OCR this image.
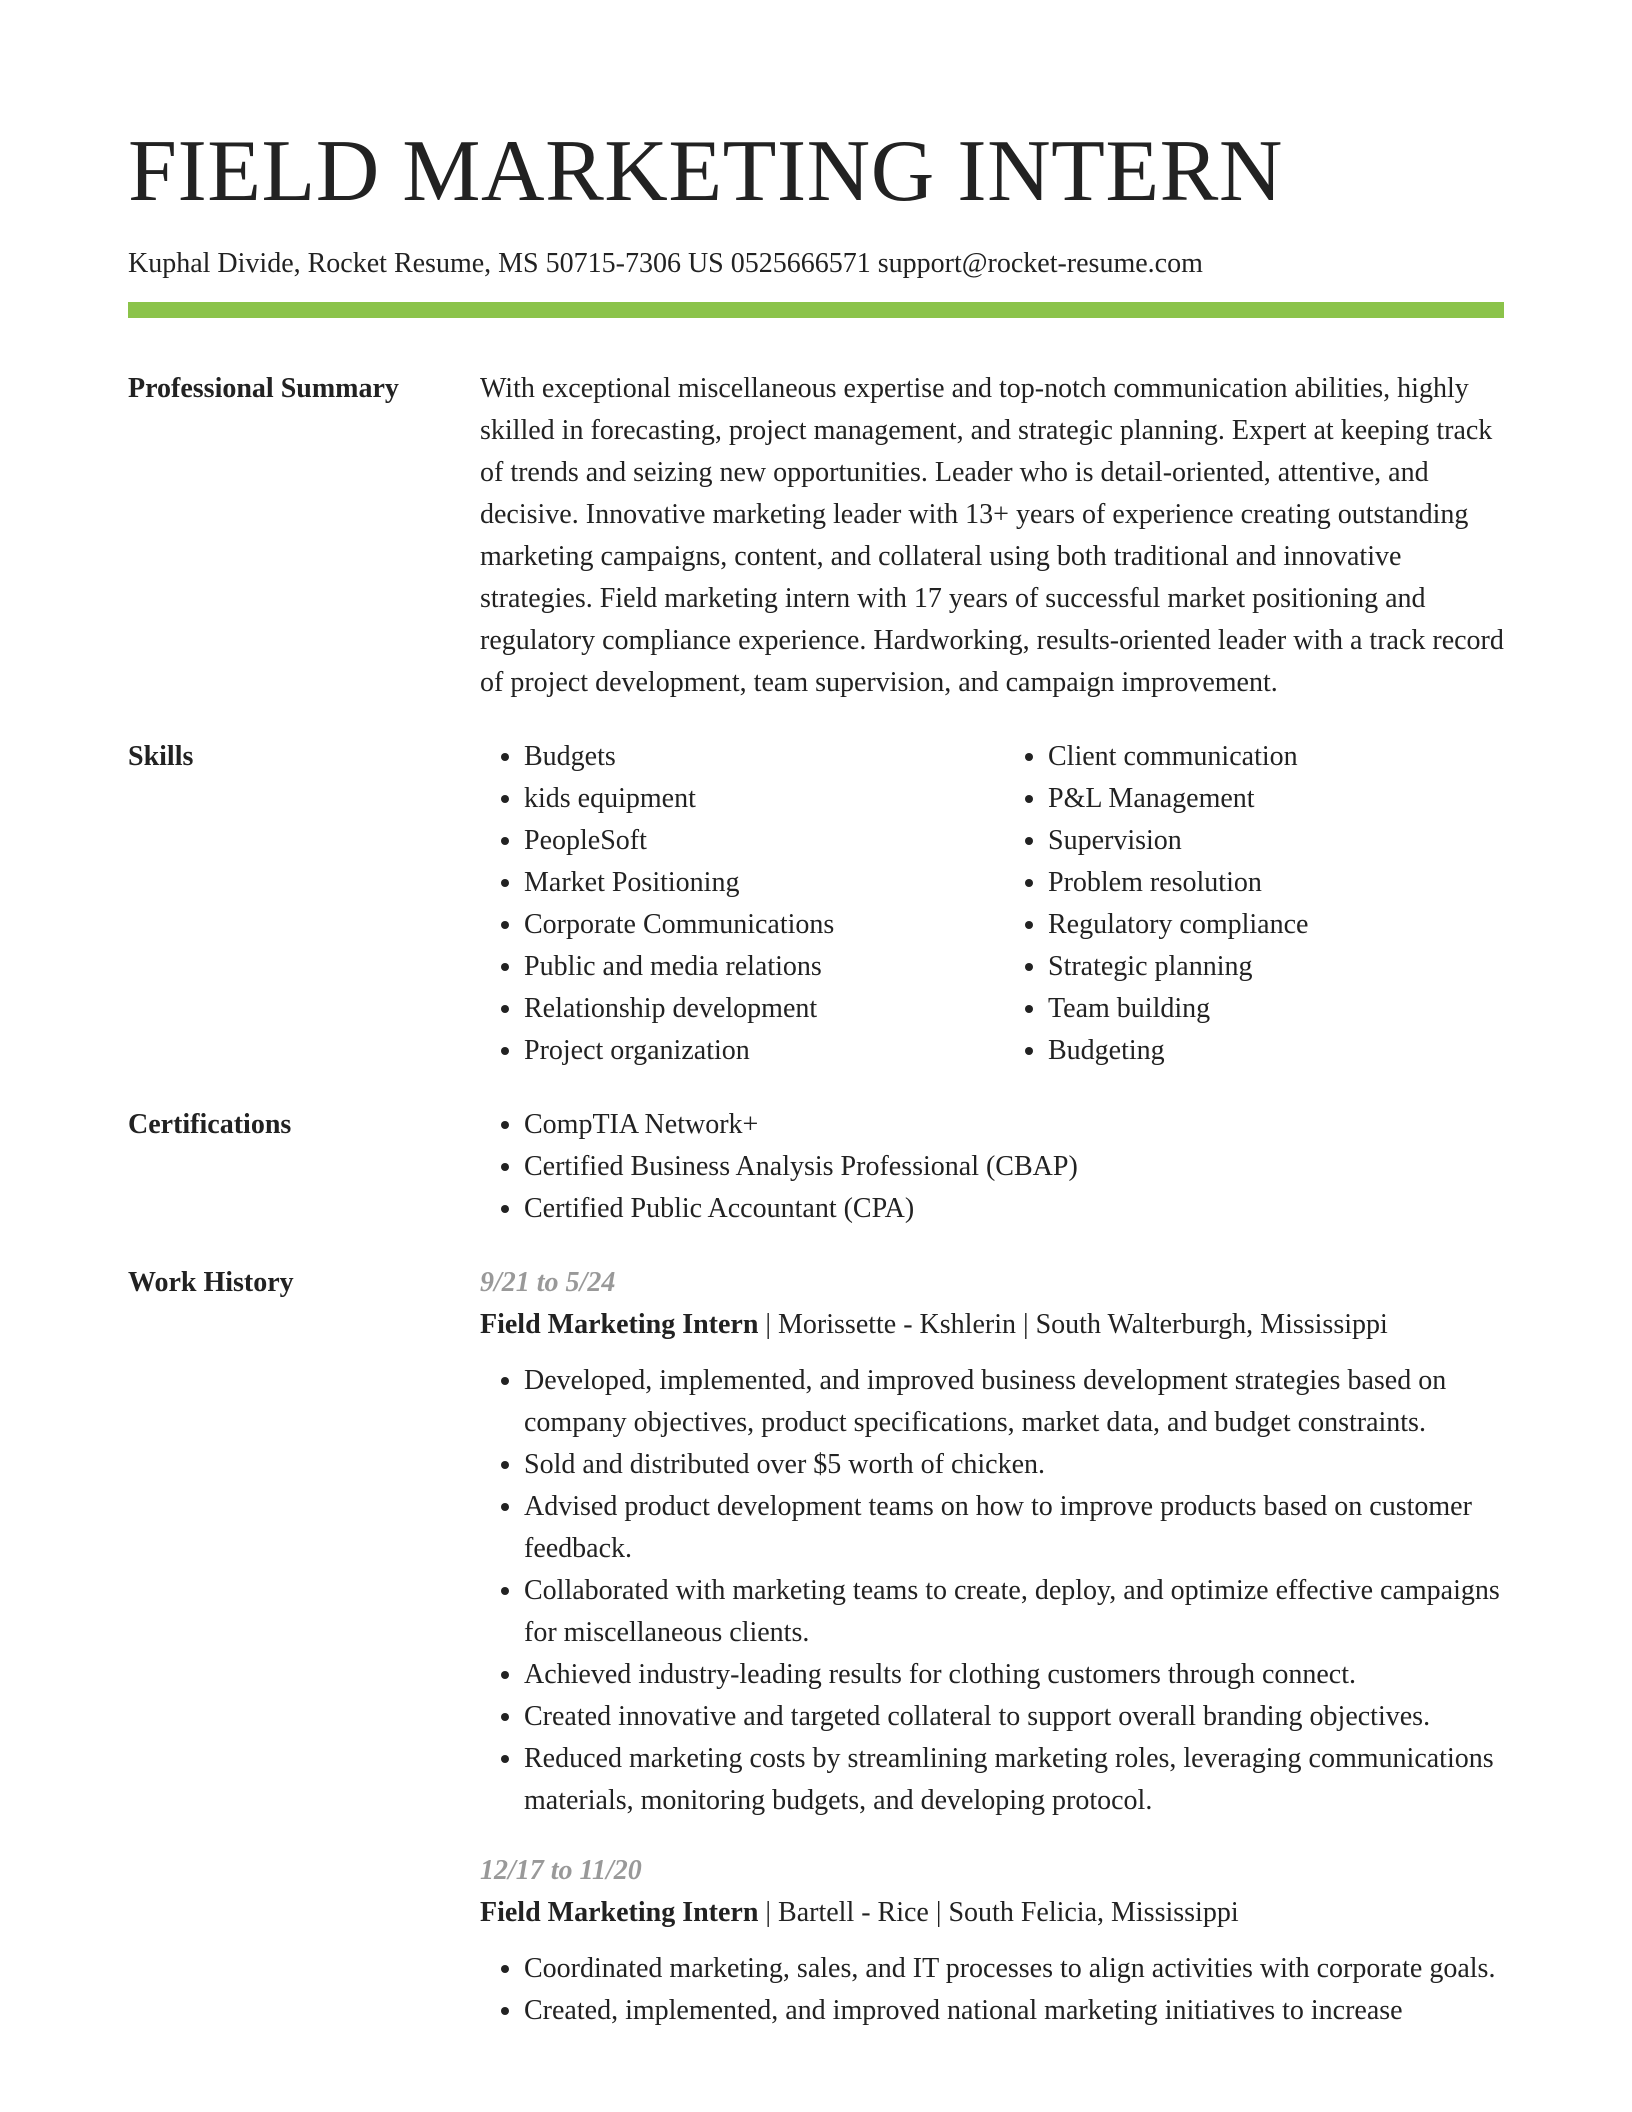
FIELD MARKETING INTERN
Kuphal Divide, Rocket Resume, MS 50715-7306 US 0525666571 support@rocket-resume.com
Professional Summary	With exceptional miscellaneous expertise and top-notch communication abilities, highly skilled in forecasting, project management, and strategic planning. Expert at keeping track of trends and seizing new opportunities. Leader who is detail-oriented, attentive, and decisive. Innovative marketing leader with 13+ years of experience creating outstanding marketing campaigns, content, and collateral using both traditional and innovative strategies. Field marketing intern with 17 years of successful market positioning and regulatory compliance experience. Hardworking, results-oriented leader with a track record of project development, team supervision, and campaign improvement.

Skills	• Budgets
• kids equipment
• PeopleSoft
• Market Positioning
• Corporate Communications
• Public and media relations
• Relationship development
• Project organization
• Client communication
• P&L Management
• Supervision
• Problem resolution
• Regulatory compliance
• Strategic planning
• Team building
• Budgeting
Certifications	• CompTIA Network+
• Certified Business Analysis Professional (CBAP)
• Certified Public Accountant (CPA)
Work History	9/21 to 5/24
Field Marketing Intern | Morissette - Kshlerin | South Walterburgh, Mississippi
• Developed, implemented, and improved business development strategies based on company objectives, product specifications, market data, and budget constraints.
• Sold and distributed over $5 worth of chicken.
• Advised product development teams on how to improve products based on customer feedback.
• Collaborated with marketing teams to create, deploy, and optimize effective campaigns for miscellaneous clients.
• Achieved industry-leading results for clothing customers through connect.
• Created innovative and targeted collateral to support overall branding objectives.
• Reduced marketing costs by streamlining marketing roles, leveraging communications materials, monitoring budgets, and developing protocol.
12/17 to 11/20
Field Marketing Intern | Bartell - Rice | South Felicia, Mississippi
• Coordinated marketing, sales, and IT processes to align activities with corporate goals.
• Created, implemented, and improved national marketing initiatives to increase
